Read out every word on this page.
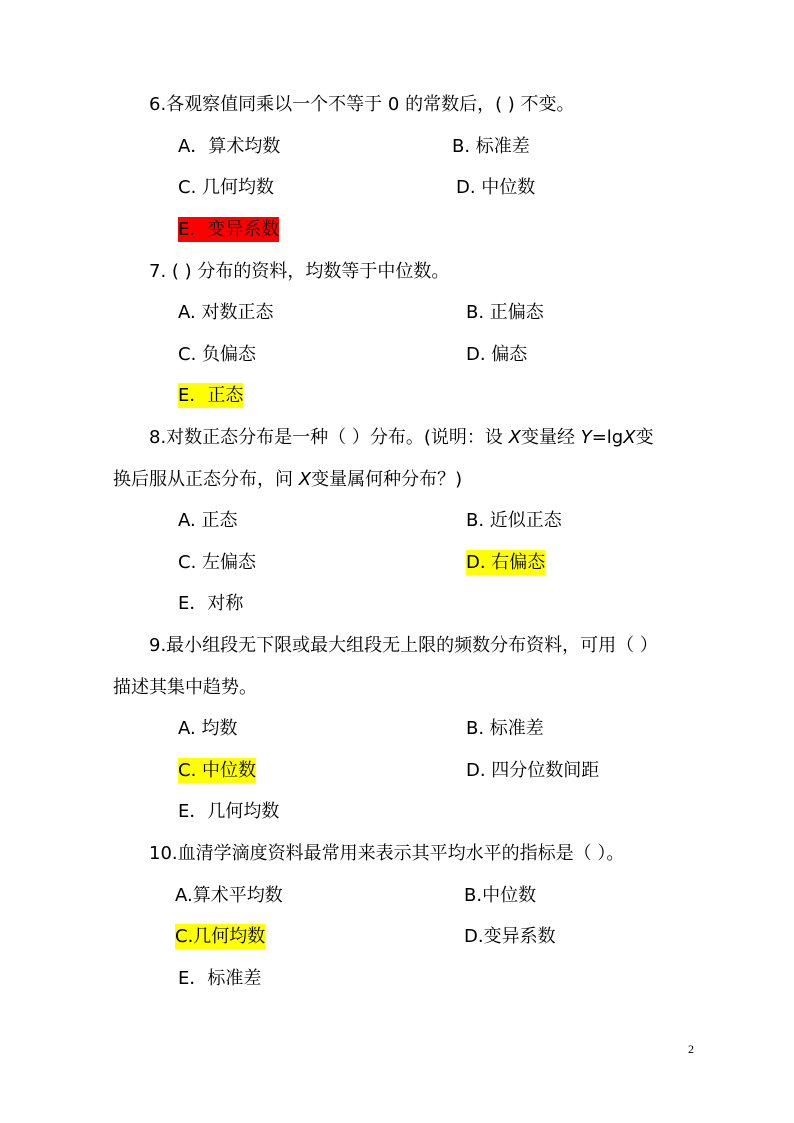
6.各观察值同乘以一个不等于 0 的常数后，( ) 不变。
A．算术均数	B. 标准差
C. 几何均数	D. 中位数
E．变异系数
7. ( ) 分布的资料，均数等于中位数。
A. 对数正态	B. 正偏态
C. 负偏态	D. 偏态
E．正态
8.对数正态分布是一种（ ）分布。(说明：设 X变量经 Y=lgX变
换后服从正态分布，问 X变量属何种分布？)
A. 正态	B. 近似正态
C. 左偏态	D. 右偏态
E．对称
9.最小组段无下限或最大组段无上限的频数分布资料，可用（ ）
描述其集中趋势。
A. 均数	B. 标准差
C. 中位数	D. 四分位数间距
E．几何均数
10.血清学滴度资料最常用来表示其平均水平的指标是（ ）。
A.算术平均数	B.中位数
C.几何均数	D.变异系数
E．标准差
2
